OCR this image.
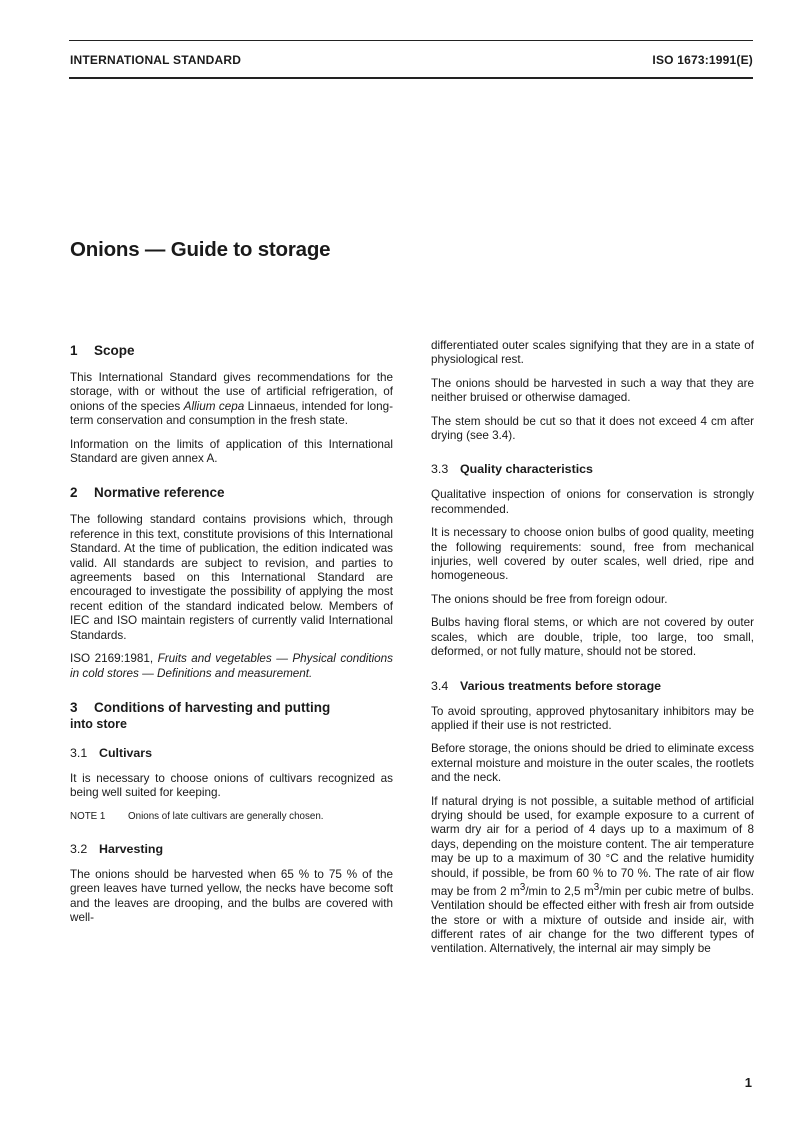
INTERNATIONAL STANDARD	ISO 1673:1991(E)
Onions — Guide to storage
1 Scope

This International Standard gives recommendations for the storage, with or without the use of artificial refrigeration, of onions of the species Allium cepa Linnaeus, intended for long-term conservation and consumption in the fresh state.

Information on the limits of application of this International Standard are given annex A.

2 Normative reference

The following standard contains provisions which, through reference in this text, constitute provisions of this International Standard. At the time of publication, the edition indicated was valid. All standards are subject to revision, and parties to agreements based on this International Standard are encouraged to investigate the possibility of applying the most recent edition of the standard indicated below. Members of IEC and ISO maintain registers of currently valid International Standards.

ISO 2169:1981, Fruits and vegetables — Physical conditions in cold stores — Definitions and measurement.

3 Conditions of harvesting and putting
into store
3.1 Cultivars

It is necessary to choose onions of cultivars recognized as being well suited for keeping.

NOTE 1 Onions of late cultivars are generally chosen.

3.2 Harvesting

The onions should be harvested when 65 % to 75 % of the green leaves have turned yellow, the necks have become soft and the leaves are drooping, and the bulbs are covered with well-

differentiated outer scales signifying that they are in a state of physiological rest.

The onions should be harvested in such a way that they are neither bruised or otherwise damaged.

The stem should be cut so that it does not exceed 4 cm after drying (see 3.4).

3.3 Quality characteristics

Qualitative inspection of onions for conservation is strongly recommended.

It is necessary to choose onion bulbs of good quality, meeting the following requirements: sound, free from mechanical injuries, well covered by outer scales, well dried, ripe and homogeneous.

The onions should be free from foreign odour.

Bulbs having floral stems, or which are not covered by outer scales, which are double, triple, too large, too small, deformed, or not fully mature, should not be stored.

3.4 Various treatments before storage

To avoid sprouting, approved phytosanitary inhibitors may be applied if their use is not restricted.

Before storage, the onions should be dried to eliminate excess external moisture and moisture in the outer scales, the rootlets and the neck.

If natural drying is not possible, a suitable method of artificial drying should be used, for example exposure to a current of warm dry air for a period of 4 days up to a maximum of 8 days, depending on the moisture content. The air temperature may be up to a maximum of 30 °C and the relative humidity should, if possible, be from 60 % to 70 %. The rate of air flow may be from 2 $m^3/\min$ to 2,5 $m^3/\min$ per cubic metre of bulbs. Ventilation should be effected either with fresh air from outside the store or with a mixture of outside and inside air, with different rates of air change for the two different types of ventilation. Alternatively, the internal air may simply be

1
